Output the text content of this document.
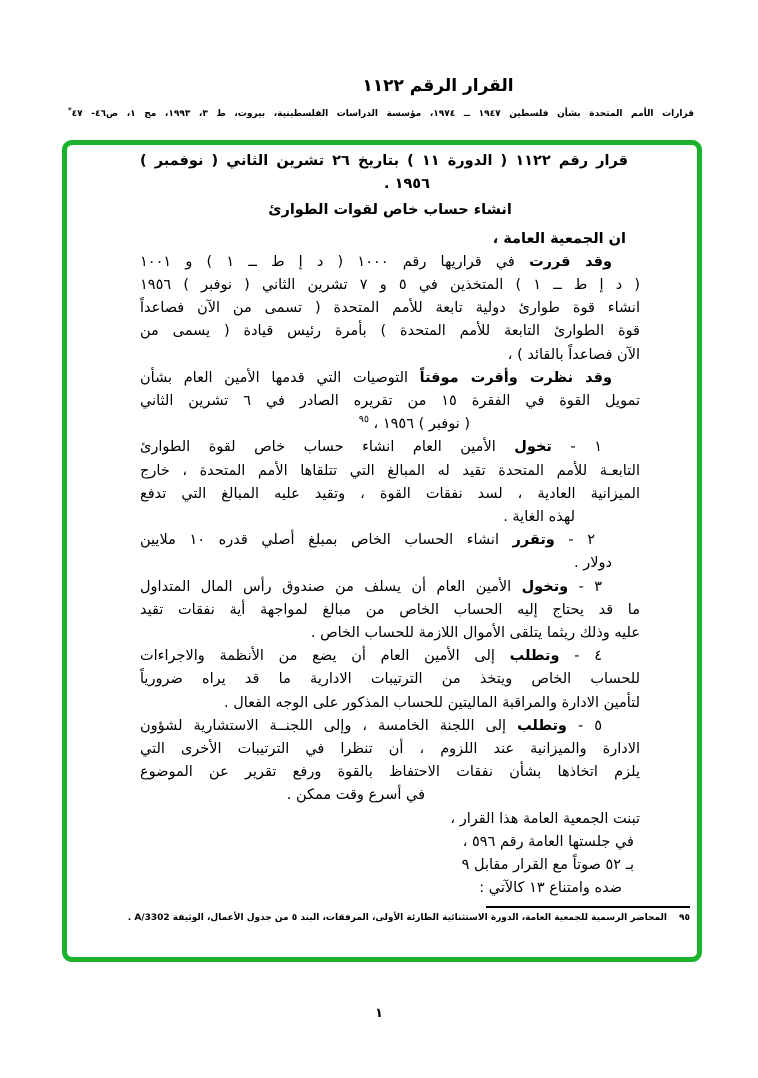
القرار الرقم ١١٢٢
قرارات الأمم المتحدة بشأن فلسطين ١٩٤٧ ــ ١٩٧٤، مؤسسة الدراسات الفلسطينية، بيروت، ط ٣، ١٩٩٣، مج ١، ص٤٦- ٤٧*
قرار رقم ١١٢٢ ( الدورة ١١ ) بتاريخ ٢٦ تشرين الثاني ( نوفمبر )
١٩٥٦ .
انشاء حساب خاص لقوات الطوارئ
ان الجمعية العامة ،
وقد قررت في قراريها رقم ١٠٠٠ ( د إ ط ــ ١ ) و ١٠٠١
( د إ ط ــ ١ ) المتخذين في ٥ و ٧ تشرين الثاني ( نوفبر ) ١٩٥٦
انشاء قوة طوارئ دولية تابعة للأمم المتحدة ( تسمى من الآن فصاعداً
قوة الطوارئ التابعة للأمم المتحدة ) بأمرة رئيس قيادة ( يسمى من
الآن فصاعداً بالقائد ) ،
وقد نظرت وأقرت موقتاً التوصيات التي قدمها الأمين العام بشأن
تمويل القوة في الفقرة ١٥ من تقريره الصادر في ٦ تشرين الثاني
( نوفبر ) ١٩٥٦ ، $^{٩٥}$
١ - تخول الأمين العام انشاء حساب خاص لقوة الطوارئ
التابعـة للأمم المتحدة تقيد له المبالغ التي تتلقاها الأمم المتحدة ، خارج
الميزانية العادية ، لسد نفقات القوة ، وتقيد عليه المبالغ التي تدفع
لهذه الغاية .
٢ - وتقرر انشاء الحساب الخاص بمبلغ أصلي قدره ١٠ ملايين
دولار .
٣ - وتخول الأمين العام أن يسلف من صندوق رأس المال المتداول
ما قد يحتاج إليه الحساب الخاص من مبالغ لمواجهة أية نفقات تقيد
عليه وذلك ريثما يتلقى الأموال اللازمة للحساب الخاص .
٤ - وتطلب إلى الأمين العام أن يضع من الأنظمة والاجراءات
للحساب الخاص ويتخذ من الترتيبات الادارية ما قد يراه ضرورياً
لتأمين الادارة والمراقبة الماليتين للحساب المذكور على الوجه الفعال .
٥ - وتطلب إلى اللجنة الخامسة ، وإلى اللجنــة الاستشارية لشؤون
الادارة والميزانية عند اللزوم ، أن تنظرا في الترتيبات الأخرى التي
يلزم اتخاذها بشأن نفقات الاحتفاظ بالقوة ورفع تقرير عن الموضوع
في أسرع وقت ممكن .
تبنت الجمعية العامة هذا القرار ،
في جلستها العامة رقم ٥٩٦ ،
بـ ٥٢ صوتاً مع القرار مقابل ٩
ضده وامتناع ١٣ كالآتي :
٩٥المحاضر الرسمية للجمعية العامة، الدورة الاستثنائية الطارئة الأولى، المرفقات، البند ٥ من جدول الأعمال، الوثيقة A/3302 .
١
